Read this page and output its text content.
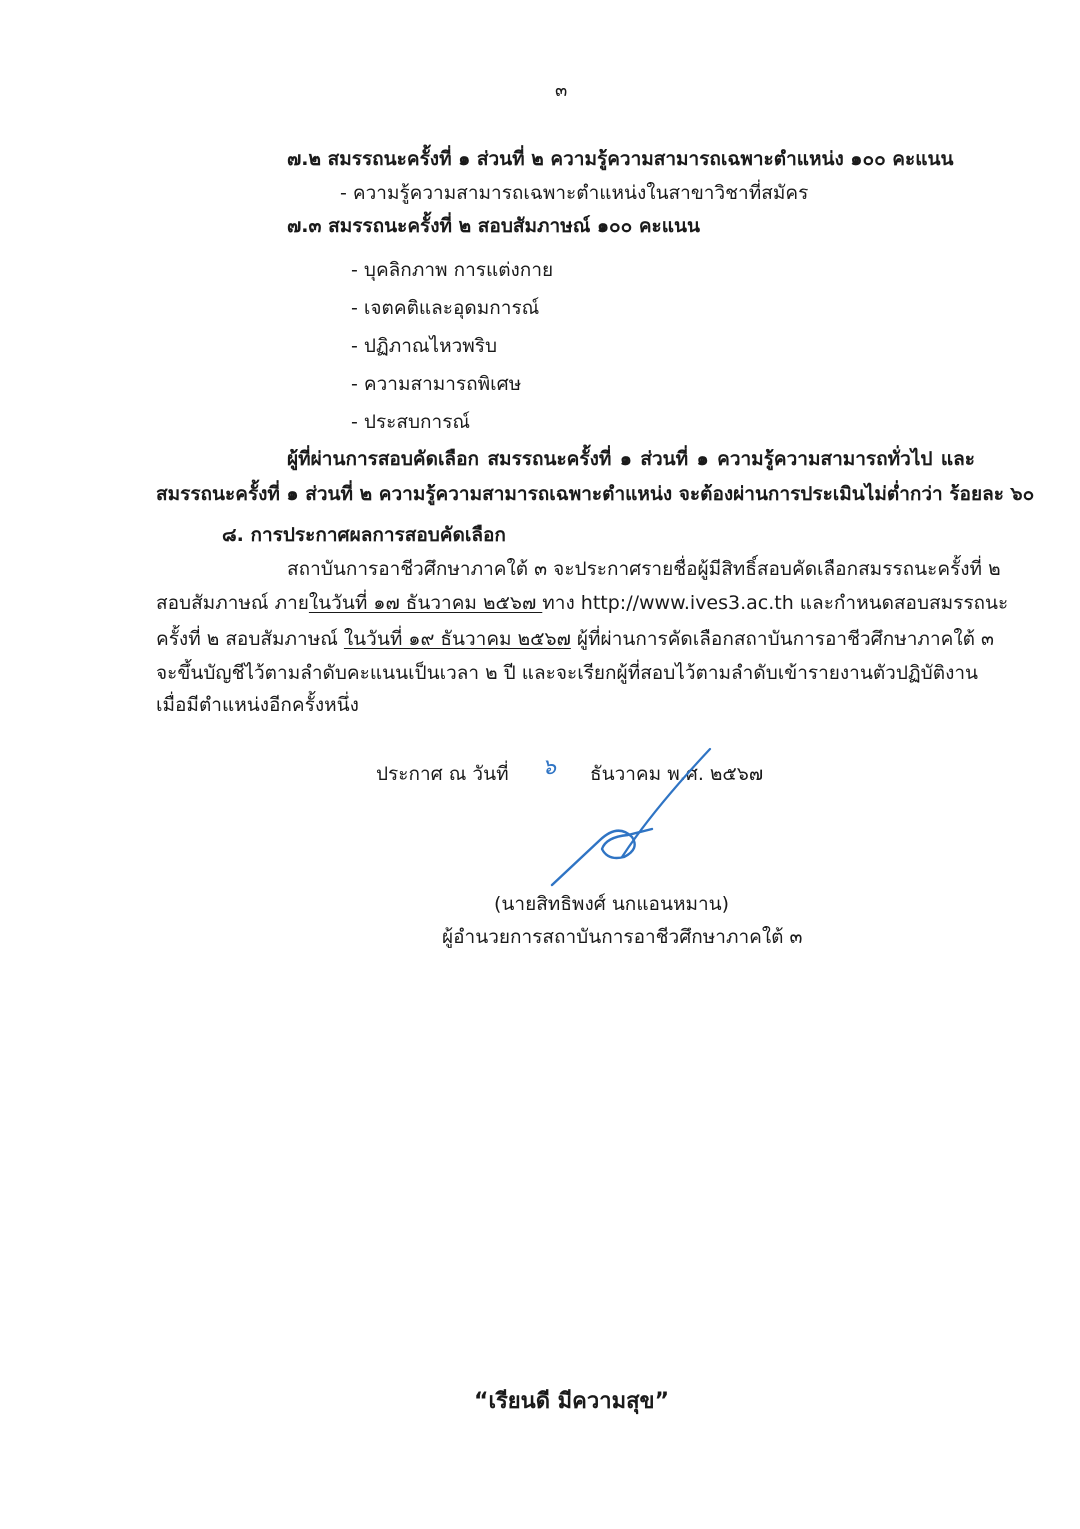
๓
๗.๒ สมรรถนะครั้งที่ ๑ ส่วนที่ ๒ ความรู้ความสามารถเฉพาะตำแหน่ง ๑๐๐ คะแนน
- ความรู้ความสามารถเฉพาะตำแหน่งในสาขาวิชาที่สมัคร
๗.๓ สมรรถนะครั้งที่ ๒ สอบสัมภาษณ์ ๑๐๐ คะแนน
- บุคลิกภาพ การแต่งกาย
- เจตคติและอุดมการณ์
- ปฏิภาณไหวพริบ
- ความสามารถพิเศษ
- ประสบการณ์
ผู้ที่ผ่านการสอบคัดเลือก สมรรถนะครั้งที่ ๑ ส่วนที่ ๑ ความรู้ความสามารถทั่วไป และ
สมรรถนะครั้งที่ ๑ ส่วนที่ ๒ ความรู้ความสามารถเฉพาะตำแหน่ง จะต้องผ่านการประเมินไม่ต่ำกว่า ร้อยละ ๖๐
๘. การประกาศผลการสอบคัดเลือก
สถาบันการอาชีวศึกษาภาคใต้ ๓ จะประกาศรายชื่อผู้มีสิทธิ์สอบคัดเลือกสมรรถนะครั้งที่ ๒
สอบสัมภาษณ์ ภายในวันที่ ๑๗ ธันวาคม ๒๕๖๗ ทาง http://www.ives3.ac.th และกำหนดสอบสมรรถนะ
ครั้งที่ ๒ สอบสัมภาษณ์ ในวันที่ ๑๙ ธันวาคม ๒๕๖๗ ผู้ที่ผ่านการคัดเลือกสถาบันการอาชีวศึกษาภาคใต้ ๓
จะขึ้นบัญชีไว้ตามลำดับคะแนนเป็นเวลา ๒ ปี และจะเรียกผู้ที่สอบไว้ตามลำดับเข้ารายงานตัวปฏิบัติงาน
เมื่อมีตำแหน่งอีกครั้งหนึ่ง
ประกาศ ณ วันที่ ๖ ธันวาคม พ.ศ. ๒๕๖๗
(นายสิทธิพงศ์ นกแอนหมาน)
ผู้อำนวยการสถาบันการอาชีวศึกษาภาคใต้ ๓
“เรียนดี มีความสุข”
